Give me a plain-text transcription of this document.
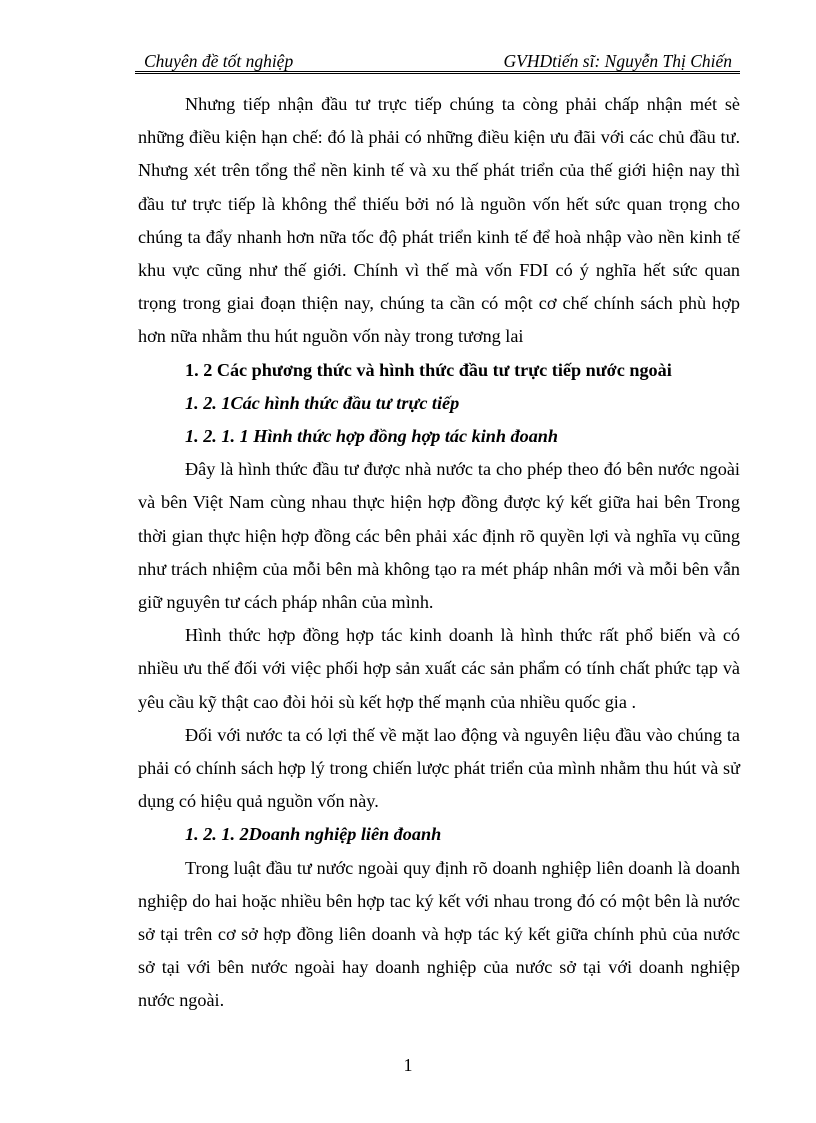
Chuyên đề tốt nghiệp	GVHDtiến sĩ: Nguyễn Thị Chiến

Nhưng tiếp nhận đầu tư trực tiếp chúng ta còng phải chấp nhận mét sè những điều kiện hạn chế: đó là phải có những điều kiện ưu đãi với các chủ đầu tư. Nhưng xét trên tổng thể nền kinh tế và xu thế phát triển của thế giới hiện nay thì đầu tư trực tiếp là không thể thiếu bởi nó là nguồn vốn hết sức quan trọng cho chúng ta đẩy nhanh hơn nữa tốc độ phát triển kinh tế để hoà nhập vào nền kinh tế khu vực cũng như thế giới. Chính vì thế mà vốn FDI có ý nghĩa hết sức quan trọng trong giai đoạn thiện nay, chúng ta cần có một cơ chế chính sách phù hợp hơn nữa nhằm thu hút nguồn vốn này trong tương lai

1. 2 Các phương thức và hình thức đầu tư trực tiếp nước ngoài

1. 2. 1Các hình thức đầu tư trực tiếp

1. 2. 1. 1 Hình thức hợp đồng hợp tác kinh đoanh

Đây là hình thức đầu tư được nhà nước ta cho phép theo đó bên nước ngoài và bên Việt Nam cùng nhau thực hiện hợp đồng được ký kết giữa hai bên Trong thời gian thực hiện hợp đồng các bên phải xác định rõ quyền lợi và nghĩa vụ cũng như trách nhiệm của mỗi bên mà không tạo ra mét pháp nhân mới và mỗi bên vẫn giữ nguyên tư cách pháp nhân của mình.

Hình thức hợp đồng hợp tác kinh doanh là hình thức rất phổ biến và có nhiều ưu thế đối với việc phối hợp sản xuất các sản phẩm có tính chất phức tạp và yêu cầu kỹ thật cao đòi hỏi sù kết hợp thế mạnh của nhiều quốc gia .

Đối với nước ta có lợi thế về mặt lao động và nguyên liệu đầu vào chúng ta phải có chính sách hợp lý trong chiến lược phát triển của mình nhằm thu hút và sử dụng có hiệu quả nguồn vốn này.

1. 2. 1. 2Doanh nghiệp liên đoanh

Trong luật đầu tư nước ngoài quy định rõ doanh nghiệp liên doanh là doanh nghiệp do hai hoặc nhiều bên hợp tac ký kết với nhau trong đó có một bên là nước sở tại trên cơ sở hợp đồng liên doanh và hợp tác ký kết giữa chính phủ của nước sở tại với bên nước ngoài hay doanh nghiệp của nước sở tại với doanh nghiệp nước ngoài.

1
